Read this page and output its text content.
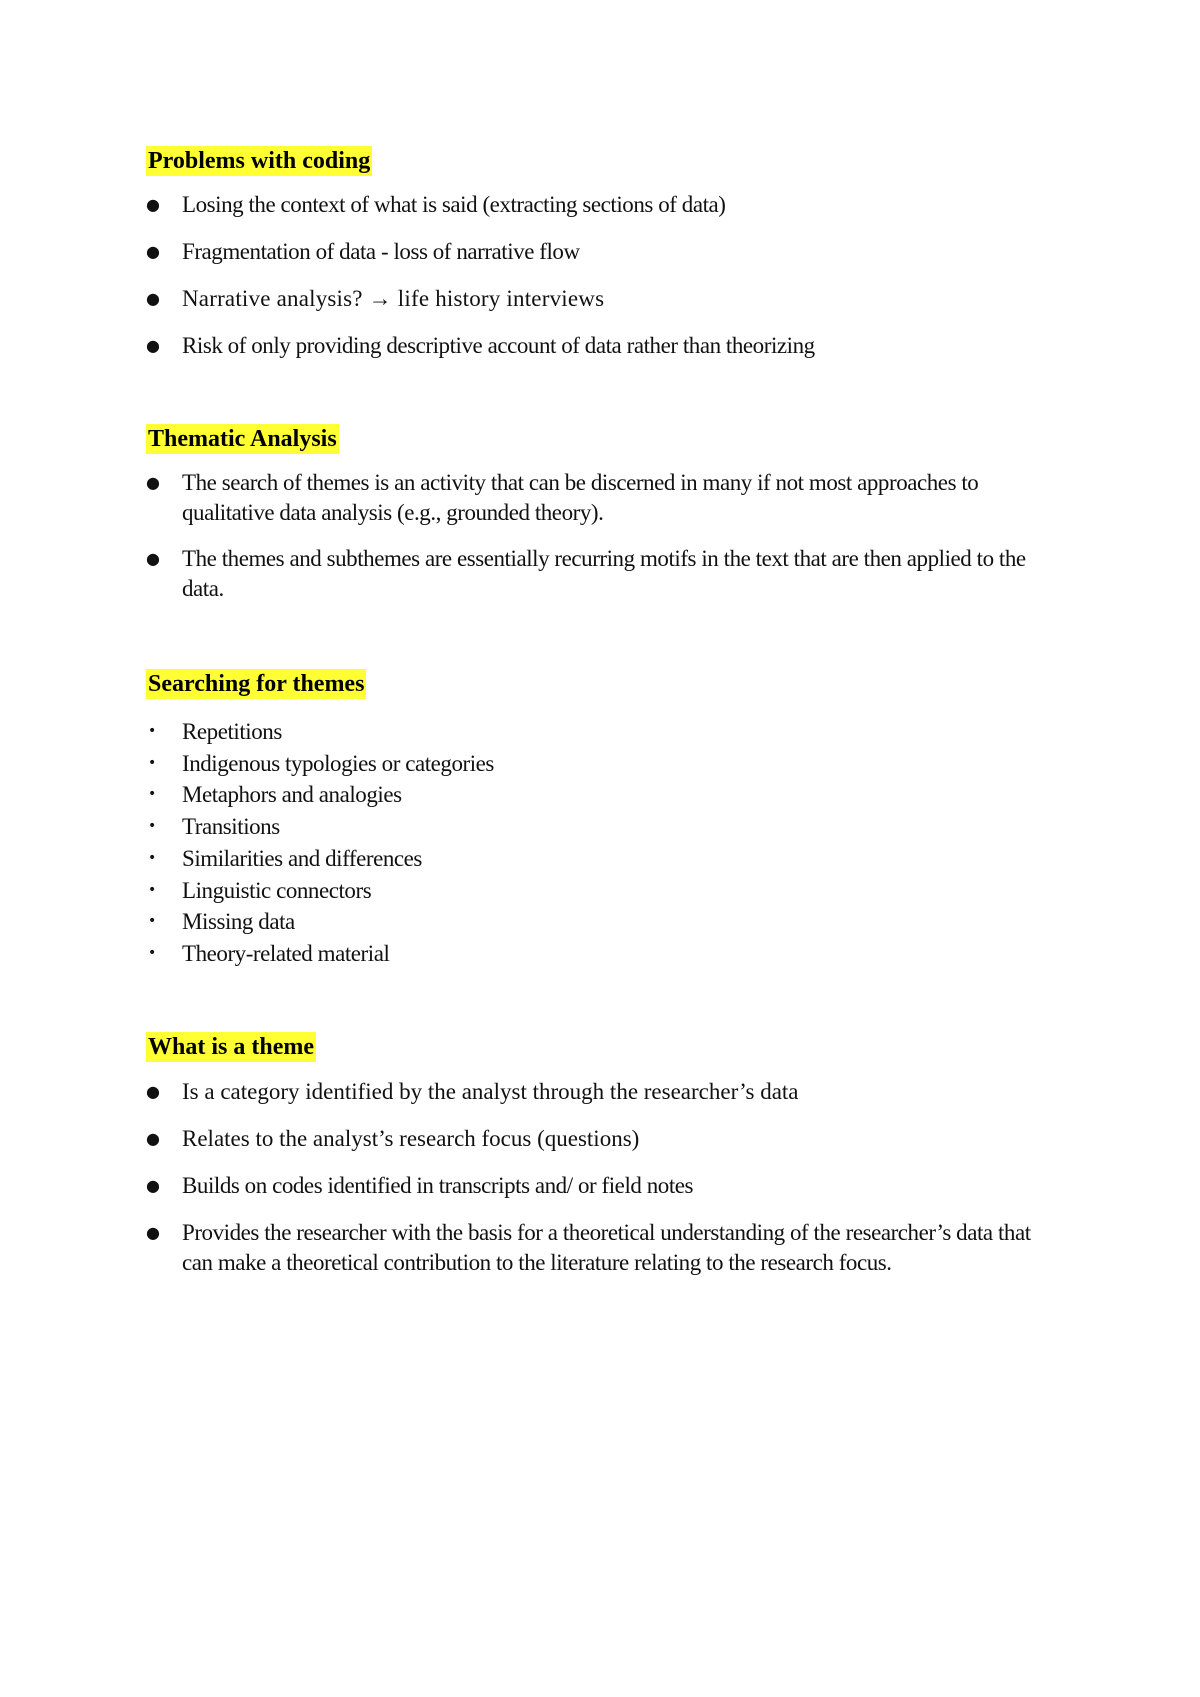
Problems with coding
● Losing the context of what is said (extracting sections of data)
● Fragmentation of data - loss of narrative flow
● Narrative analysis? → life history interviews
● Risk of only providing descriptive account of data rather than theorizing
Thematic Analysis
● The search of themes is an activity that can be discerned in many if not most approaches to qualitative data analysis (e.g., grounded theory).
● The themes and subthemes are essentially recurring motifs in the text that are then applied to the data.
Searching for themes
•	Repetitions
•	Indigenous typologies or categories
•	Metaphors and analogies
•	Transitions
•	Similarities and differences
•	Linguistic connectors
•	Missing data
•	Theory-related material
What is a theme
● Is a category identified by the analyst through the researcher’s data
● Relates to the analyst’s research focus (questions)
● Builds on codes identified in transcripts and/ or field notes
● Provides the researcher with the basis for a theoretical understanding of the researcher’s data that can make a theoretical contribution to the literature relating to the research focus.
